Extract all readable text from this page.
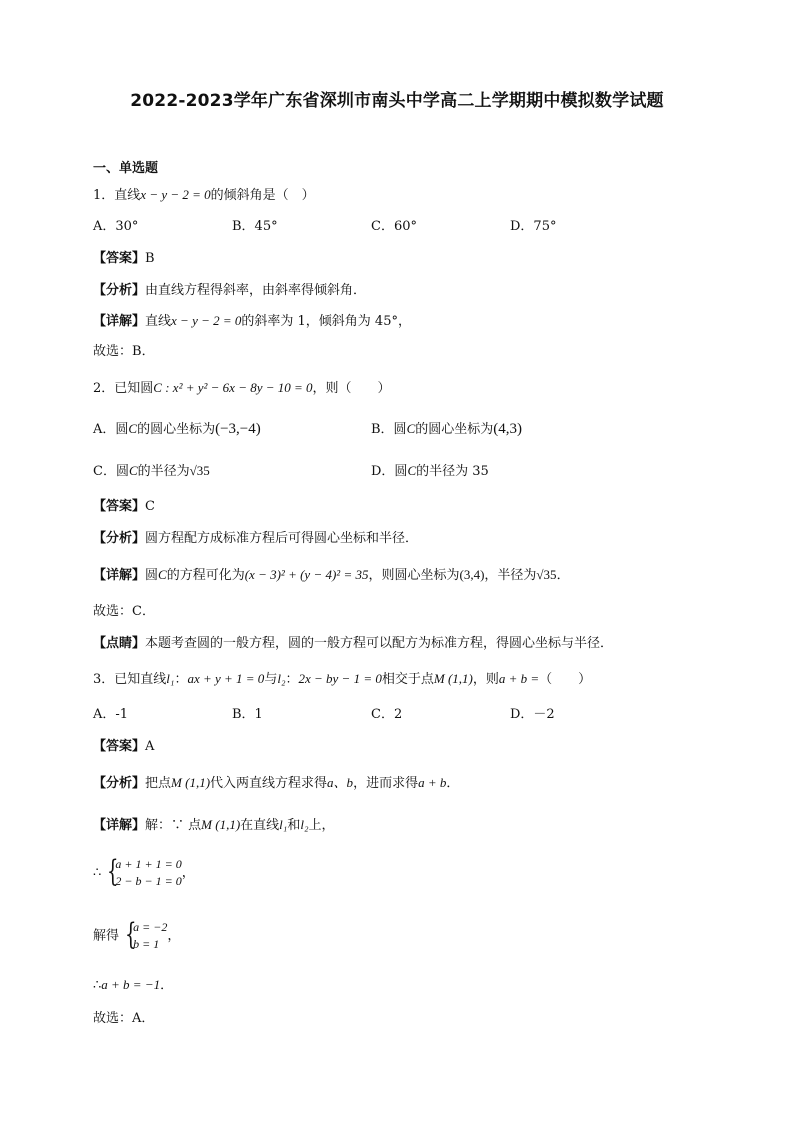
2022-2023学年广东省深圳市南头中学高二上学期期中模拟数学试题
一、单选题
1．直线x − y − 2 = 0的倾斜角是（　）
A．30°	B．45°	C．60°	D．75°
【答案】B
【分析】由直线方程得斜率，由斜率得倾斜角．
【详解】直线x − y − 2 = 0的斜率为 1，倾斜角为 45°，
故选：B．
2．已知圆C : x² + y² − 6x − 8y − 10 = 0，则（　　）
A．圆C的圆心坐标为(−3,−4)	B．圆C的圆心坐标为(4,3)
C．圆C的半径为√35	D．圆C的半径为 35
【答案】C
【分析】圆方程配方成标准方程后可得圆心坐标和半径．
【详解】圆C的方程可化为(x − 3)² + (y − 4)² = 35，则圆心坐标为(3,4)，半径为√35．
故选：C．
【点睛】本题考查圆的一般方程，圆的一般方程可以配方为标准方程，得圆心坐标与半径．
3．已知直线l₁：ax + y + 1 = 0与l₂：2x − by − 1 = 0相交于点M (1,1)，则a + b =（　　）
A．-1	B．1	C．2	D．－2
【答案】A
【分析】把点M (1,1)代入两直线方程求得a、b，进而求得a + b．
【详解】解：∵ 点M (1,1)在直线l₁和l₂上，
∴ {
a + 1 + 1 = 0
2 − b − 1 = 0
，
解得 {
a = −2
b = 1
，
∴a + b = −1．
故选：A．
